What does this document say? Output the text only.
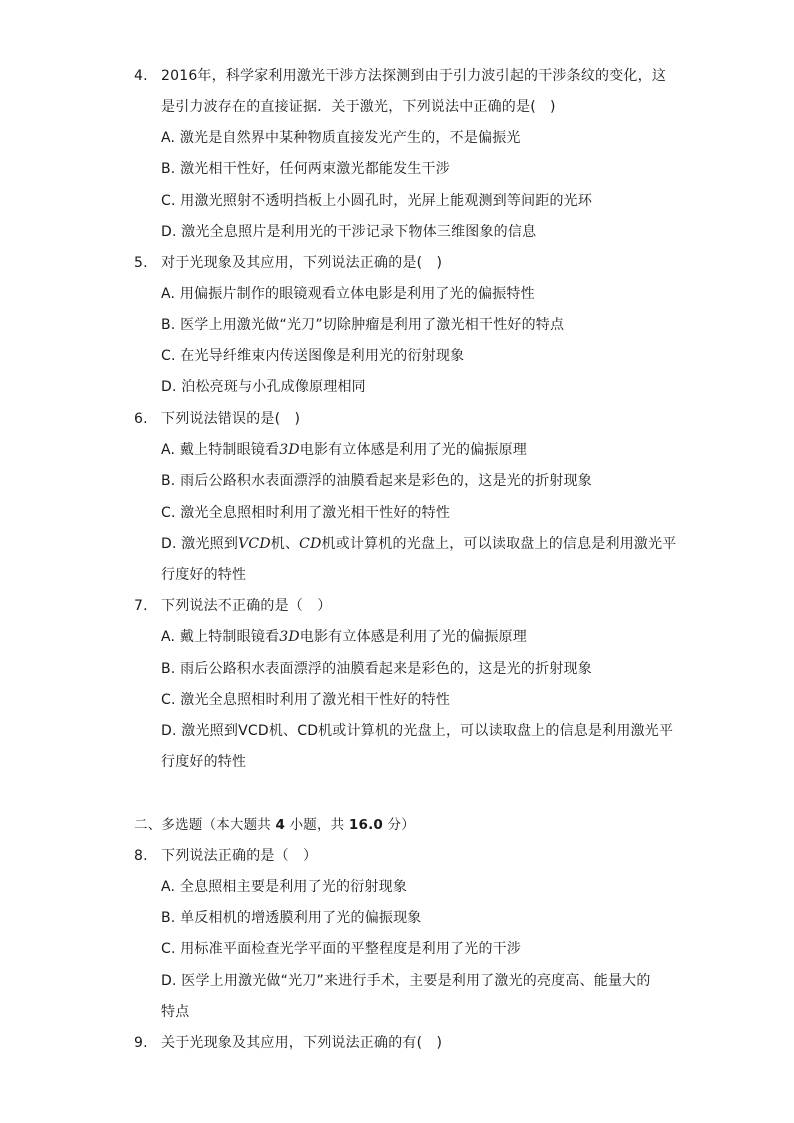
4. 2016年，科学家利用激光干涉方法探测到由于引力波引起的干涉条纹的变化，这
是引力波存在的直接证据．关于激光，下列说法中正确的是(　)
A. 激光是自然界中某种物质直接发光产生的，不是偏振光
B. 激光相干性好，任何两束激光都能发生干涉
C. 用激光照射不透明挡板上小圆孔时，光屏上能观测到等间距的光环
D. 激光全息照片是利用光的干涉记录下物体三维图象的信息
5. 对于光现象及其应用，下列说法正确的是(　)
A. 用偏振片制作的眼镜观看立体电影是利用了光的偏振特性
B. 医学上用激光做“光刀”切除肿瘤是利用了激光相干性好的特点
C. 在光导纤维束内传送图像是利用光的衍射现象
D. 泊松亮斑与小孔成像原理相同
6. 下列说法错误的是(　)
A. 戴上特制眼镜看3D电影有立体感是利用了光的偏振原理
B. 雨后公路积水表面漂浮的油膜看起来是彩色的，这是光的折射现象
C. 激光全息照相时利用了激光相干性好的特性
D. 激光照到VCD机、CD机或计算机的光盘上，可以读取盘上的信息是利用激光平
行度好的特性
7. 下列说法不正确的是（　）
A. 戴上特制眼镜看3D电影有立体感是利用了光的偏振原理
B. 雨后公路积水表面漂浮的油膜看起来是彩色的，这是光的折射现象
C. 激光全息照相时利用了激光相干性好的特性
D. 激光照到VCD机、CD机或计算机的光盘上，可以读取盘上的信息是利用激光平
行度好的特性
二、多选题（本大题共 4 小题，共 16.0 分）
8. 下列说法正确的是（　）
A. 全息照相主要是利用了光的衍射现象
B. 单反相机的增透膜利用了光的偏振现象
C. 用标准平面检查光学平面的平整程度是利用了光的干涉
D. 医学上用激光做“光刀”来进行手术，主要是利用了激光的亮度高、能量大的
特点
9. 关于光现象及其应用，下列说法正确的有(　)
